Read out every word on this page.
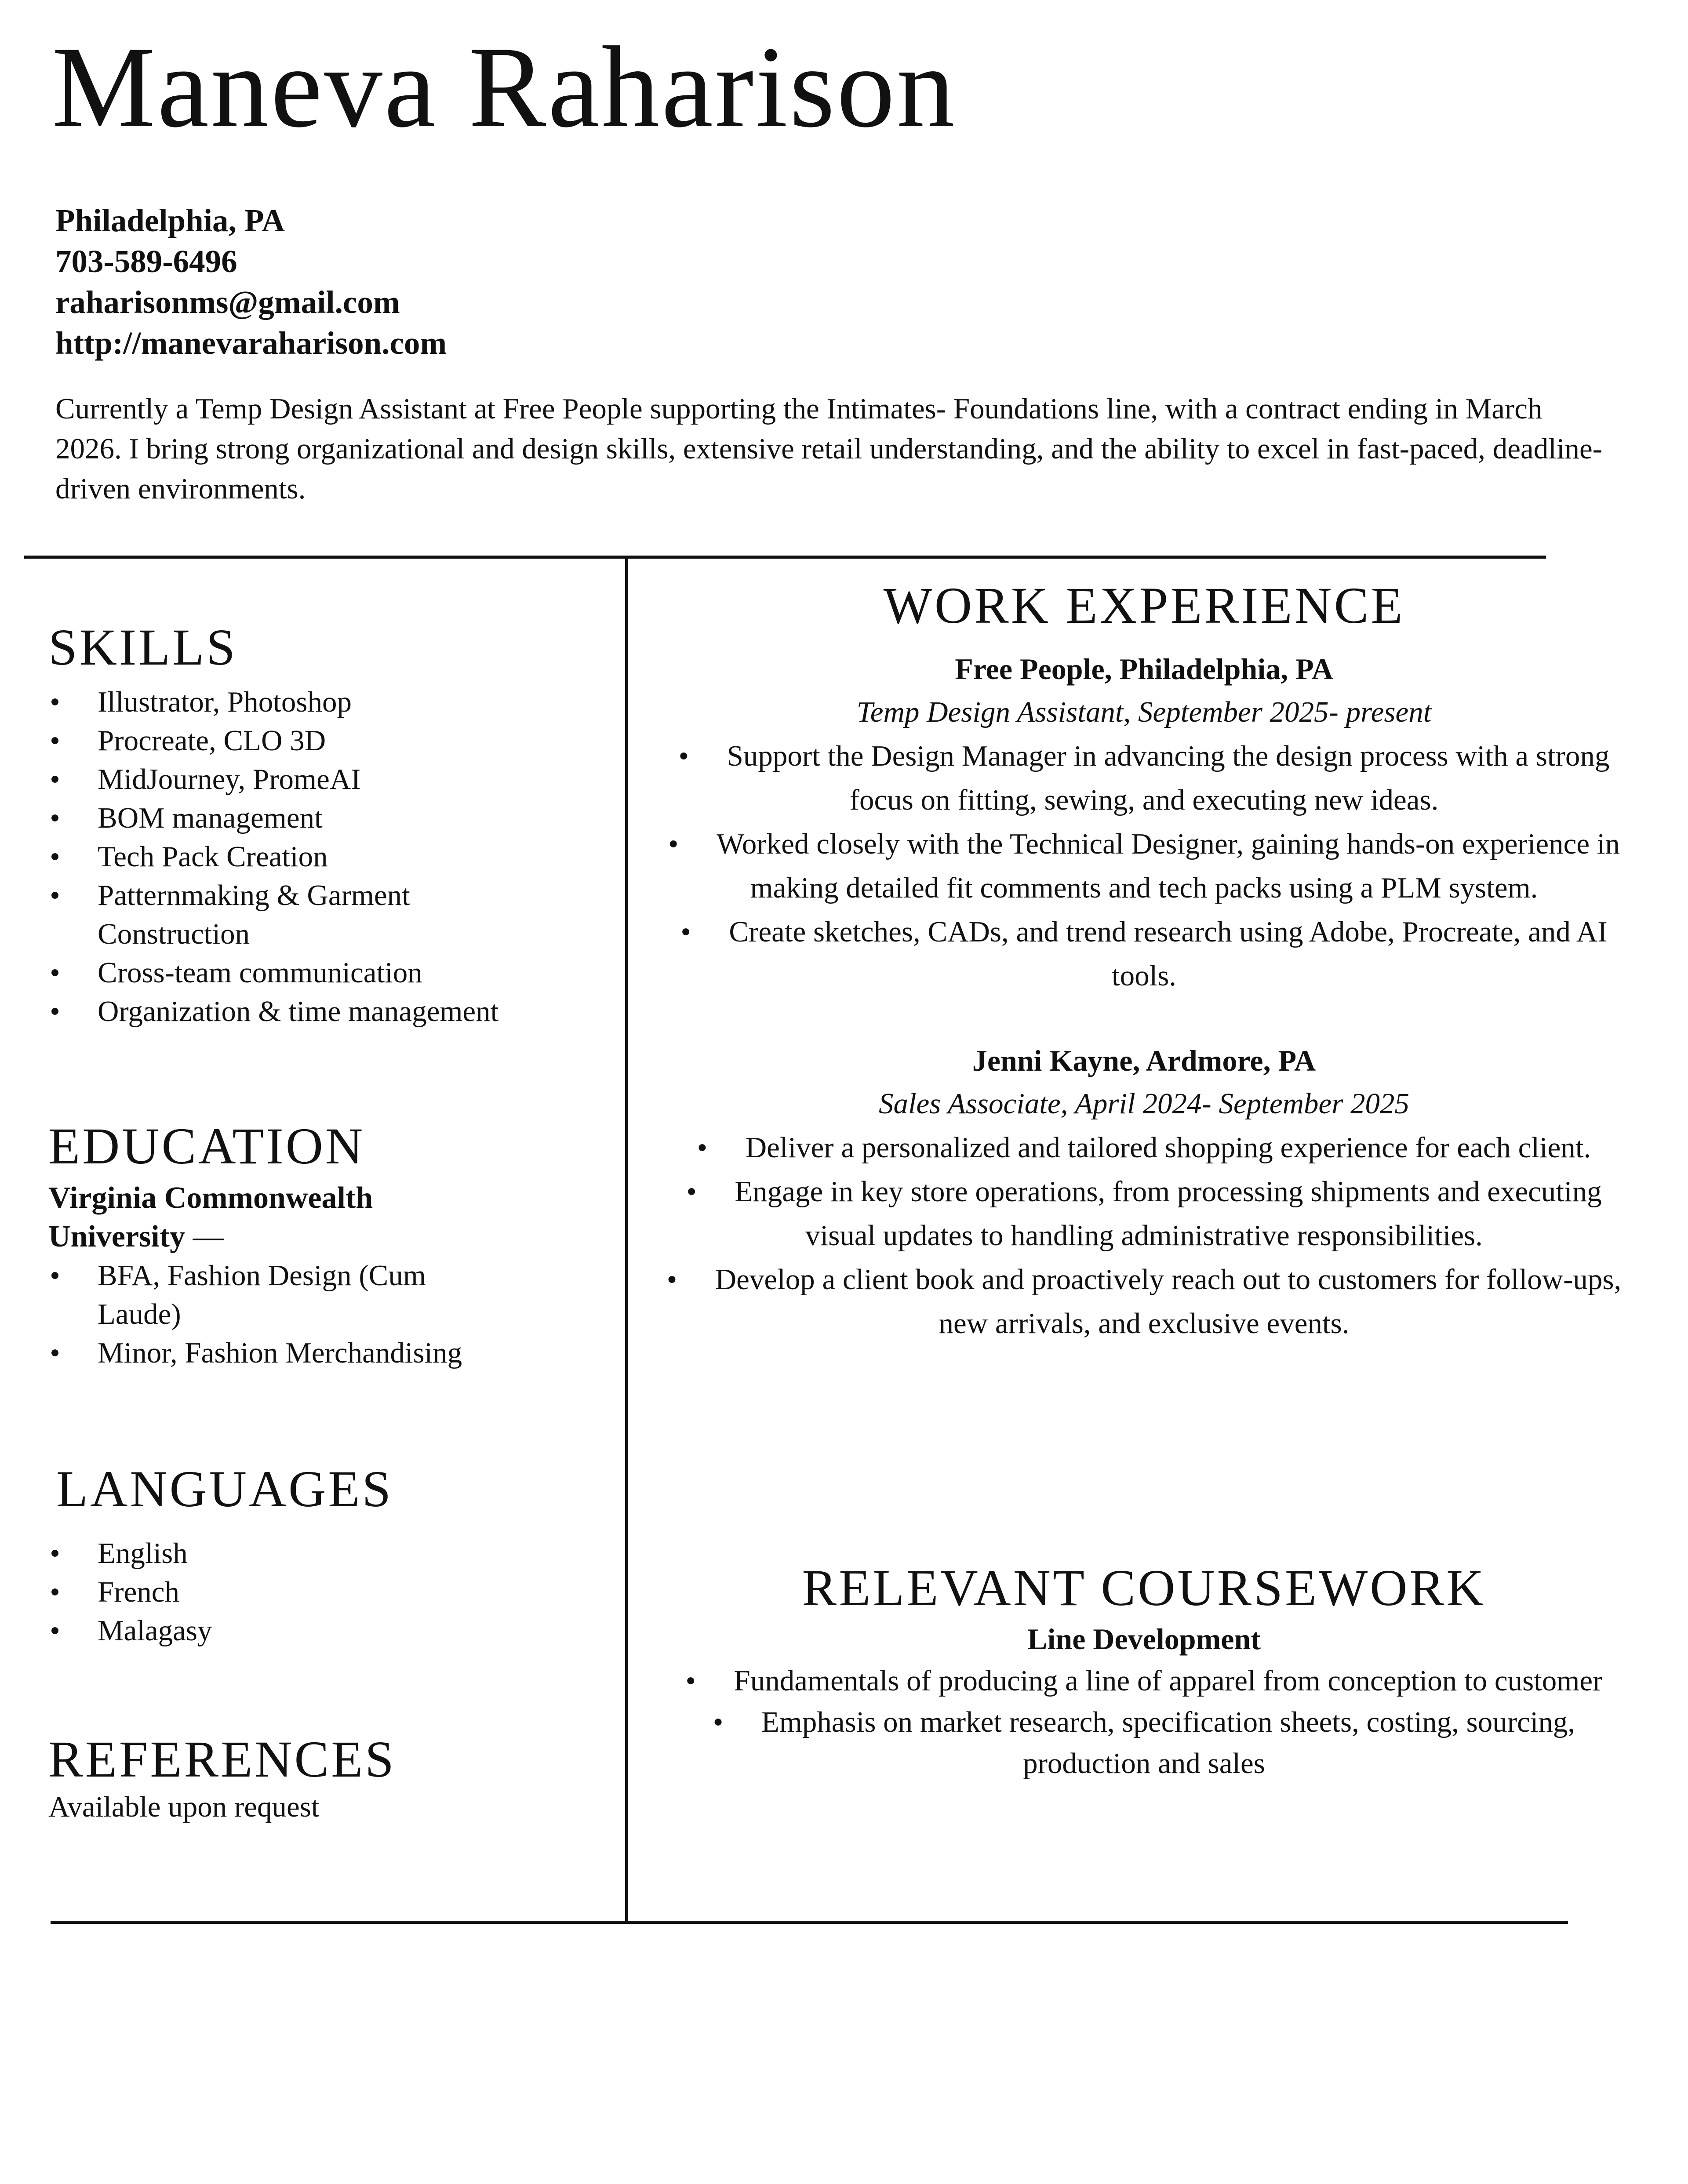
Maneva Raharison
Philadelphia, PA
703-589-6496
raharisonms@gmail.com
http://manevaraharison.com

Currently a Temp Design Assistant at Free People supporting the Intimates- Foundations line, with a contract ending in March 2026. I bring strong organizational and design skills, extensive retail understanding, and the ability to excel in fast-paced, deadline-driven environments.

SKILLS
• Illustrator, Photoshop
• Procreate, CLO 3D
• MidJourney, PromeAI
• BOM management
• Tech Pack Creation
• Patternmaking & Garment Construction
• Cross-team communication
• Organization & time management
EDUCATION

Virginia Commonwealth University —

• BFA, Fashion Design (Cum Laude)
• Minor, Fashion Merchandising
LANGUAGES
• English
• French
• Malagasy
REFERENCES

Available upon request

WORK EXPERIENCE

Free People, Philadelphia, PA

Temp Design Assistant, September 2025- present

• Support the Design Manager in advancing the design process with a strong focus on fitting, sewing, and executing new ideas.
• Worked closely with the Technical Designer, gaining hands-on experience in making detailed fit comments and tech packs using a PLM system.
• Create sketches, CADs, and trend research using Adobe, Procreate, and AI tools.

Jenni Kayne, Ardmore, PA

Sales Associate, April 2024- September 2025

• Deliver a personalized and tailored shopping experience for each client.
• Engage in key store operations, from processing shipments and executing visual updates to handling administrative responsibilities.
• Develop a client book and proactively reach out to customers for follow-ups, new arrivals, and exclusive events.
RELEVANT COURSEWORK

Line Development

• Fundamentals of producing a line of apparel from conception to customer
• Emphasis on market research, specification sheets, costing, sourcing, production and sales
